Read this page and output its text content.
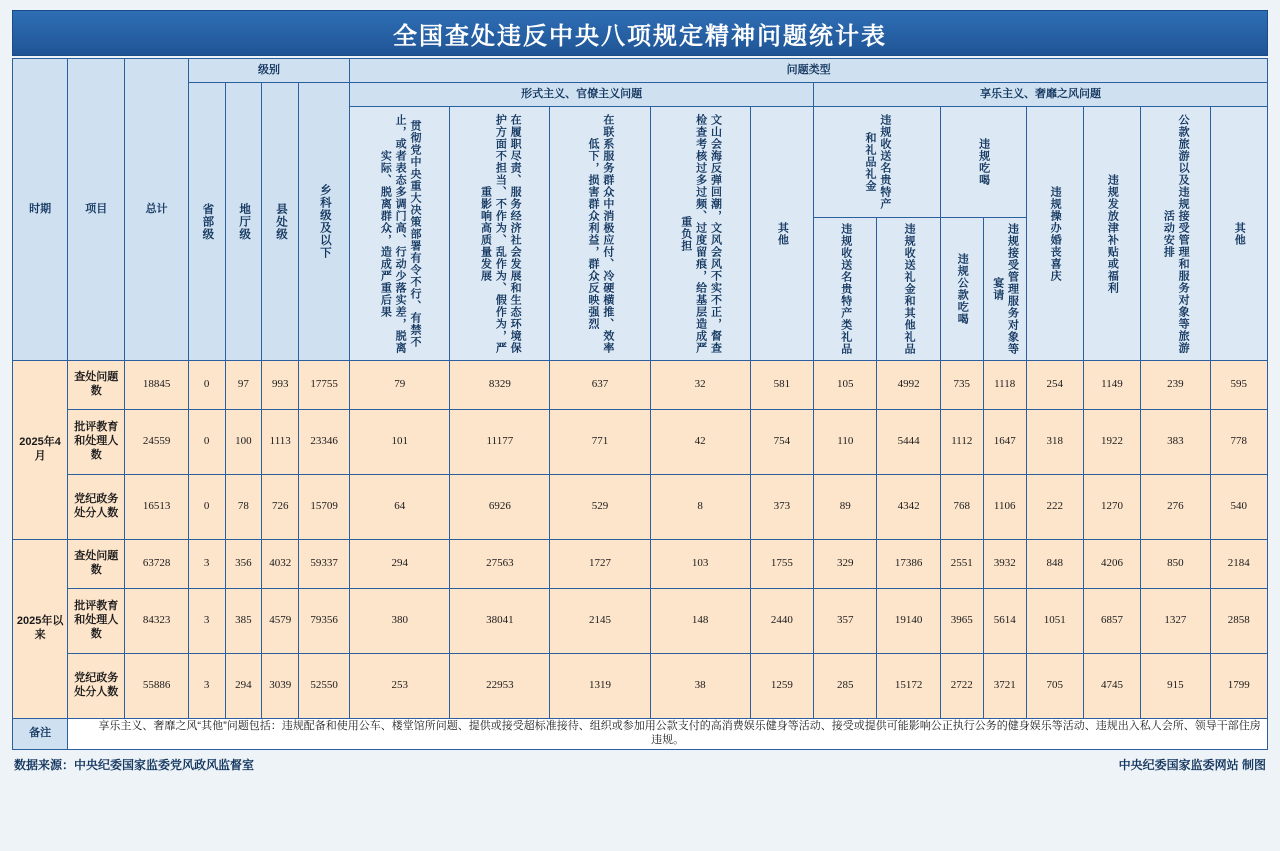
全国查处违反中央八项规定精神问题统计表
时期	项目	总计	级别				问题类型												

			省部级	地厅级	县处级	乡科级及以下	形式主义、官僚主义问题					享乐主义、奢靡之风问题							

							贯彻党中央重大决策部署有令不行、有禁不止，或者表态多调门高、行动少落实差，脱离实际、脱离群众，造成严重后果	在履职尽责、服务经济社会发展和生态环境保护方面不担当、不作为、乱作为、假作为，严重影响高质量发展	在联系服务群众中消极应付、冷硬横推、效率低下，损害群众利益，群众反映强烈	文山会海反弹回潮，文风会风不实不正，督查检查考核过多过频、过度留痕，给基层造成严重负担	其他	违规收送名贵特产和礼品礼金		违规吃喝		违规操办婚丧喜庆	违规发放津补贴或福利	公款旅游以及违规接受管理和服务对象等旅游活动安排	其他

												违规收送名贵特产类礼品	违规收送礼金和其他礼品	违规公款吃喝	违规接受管理服务对象等宴请				

2025年4月	查处问题数	18845	0	97	993	17755	79	8329	637	32	581	105	4992	735	1118	254	1149	239	595
	批评教育和处理人数	24559	0	100	1113	23346	101	11177	771	42	754	110	5444	1112	1647	318	1922	383	778
	党纪政务处分人数	16513	0	78	726	15709	64	6926	529	8	373	89	4342	768	1106	222	1270	276	540
2025年以来	查处问题数	63728	3	356	4032	59337	294	27563	1727	103	1755	329	17386	2551	3932	848	4206	850	2184
	批评教育和处理人数	84323	3	385	4579	79356	380	38041	2145	148	2440	357	19140	3965	5614	1051	6857	1327	2858
	党纪政务处分人数	55886	3	294	3039	52550	253	22953	1319	38	1259	285	15172	2722	3721	705	4745	915	1799
备注	享乐主义、奢靡之风“其他”问题包括：违规配备和使用公车、楼堂馆所问题、提供或接受超标准接待、组织或参加用公款支付的高消费娱乐健身等活动、接受或提供可能影响公正执行公务的健身娱乐等活动、违规出入私人会所、领导干部住房违规。																		
数据来源：中央纪委国家监委党风政风监督室	中央纪委国家监委网站 制图
